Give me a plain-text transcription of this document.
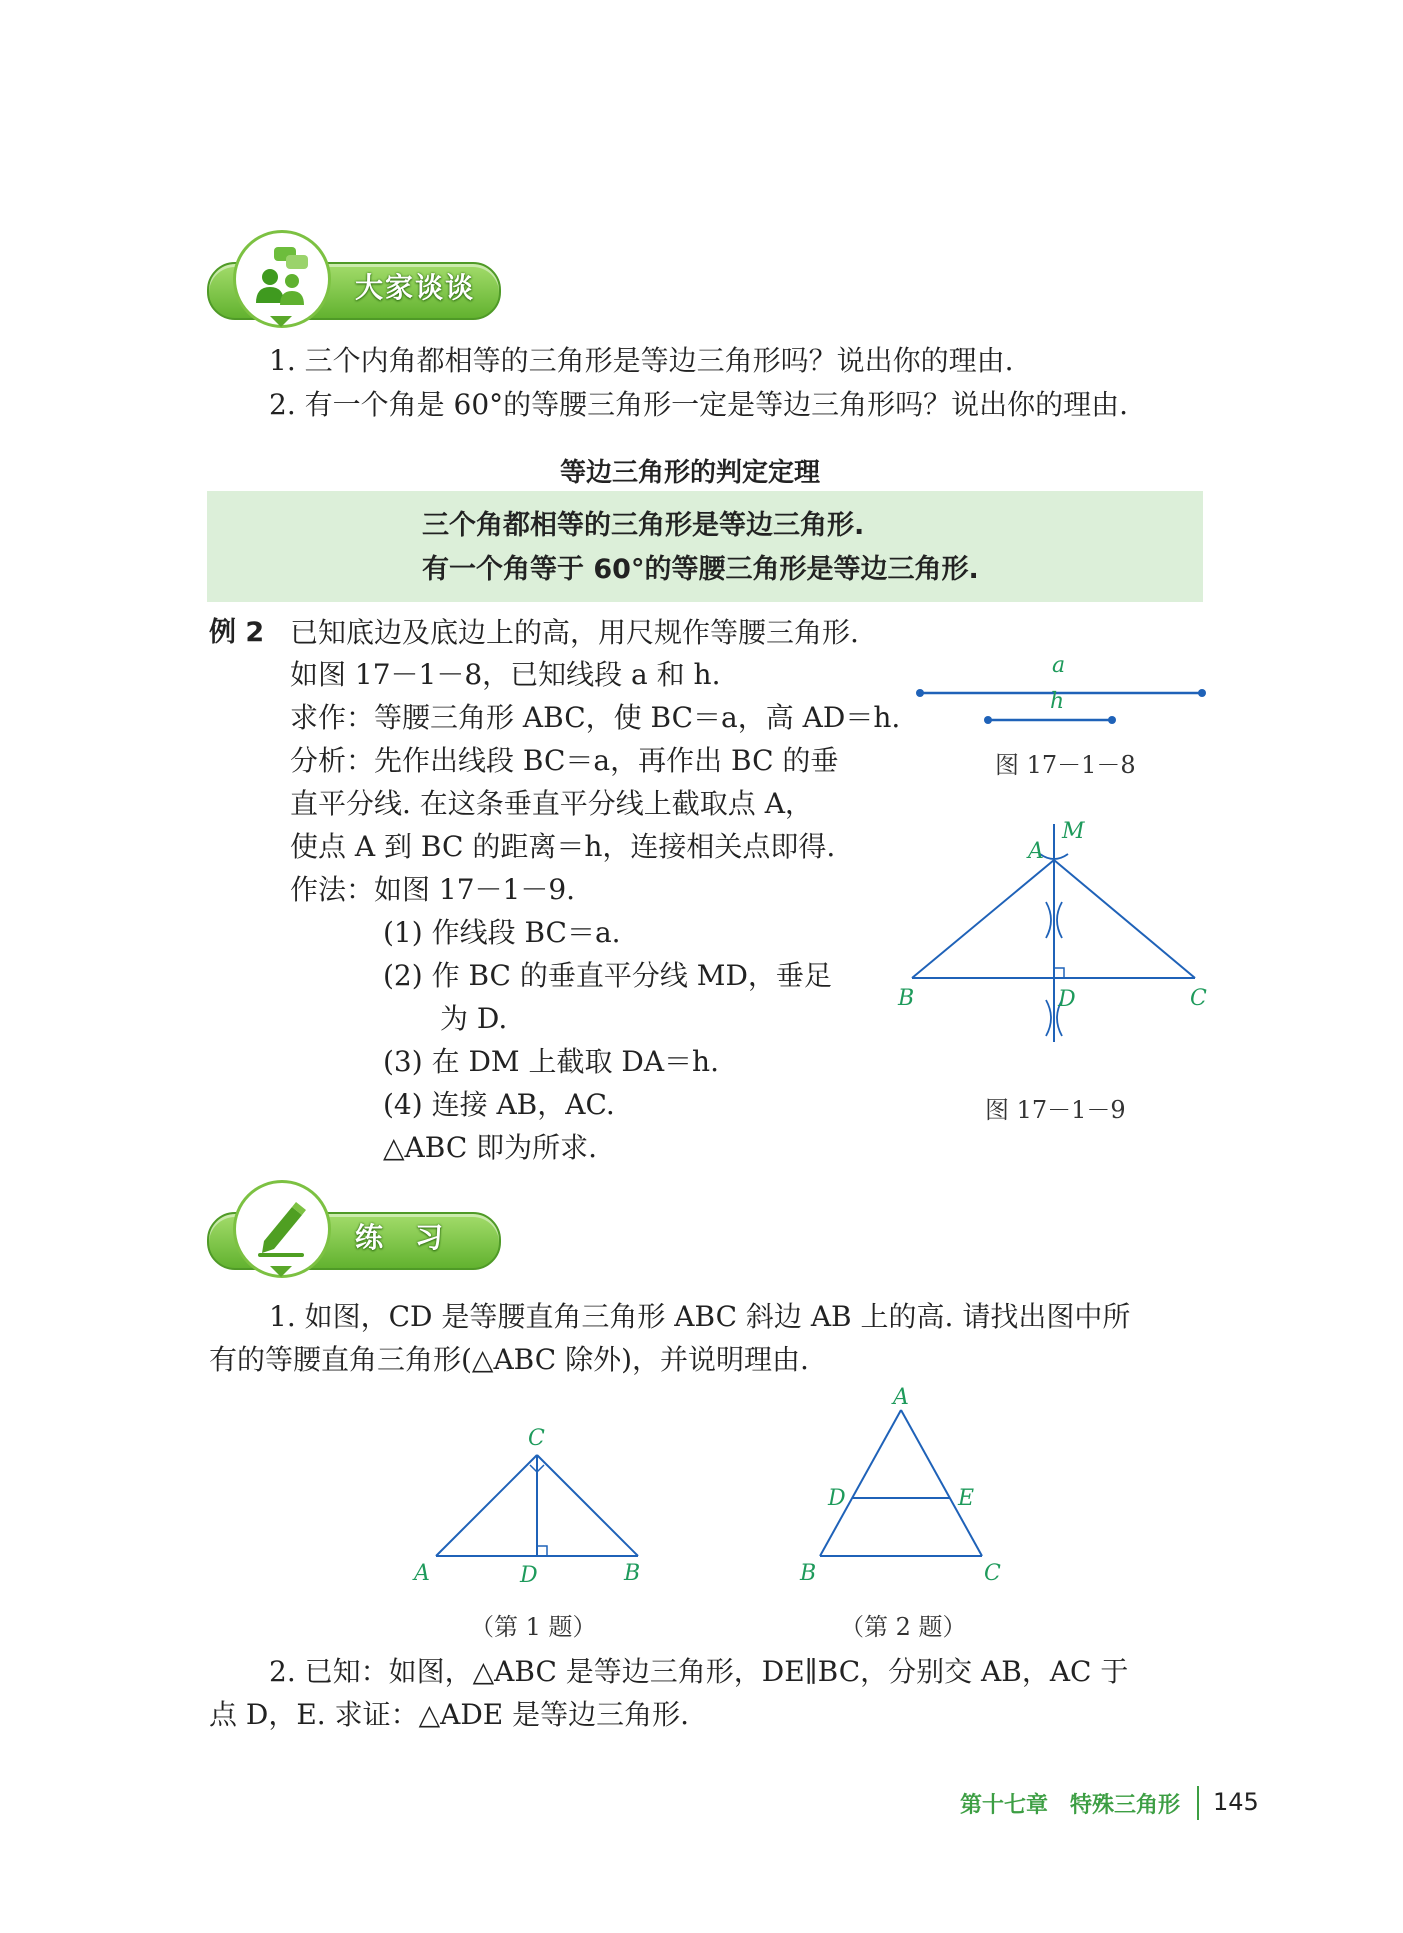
大家谈谈
1. 三个内角都相等的三角形是等边三角形吗？说出你的理由.
2. 有一个角是 60°的等腰三角形一定是等边三角形吗？说出你的理由.
等边三角形的判定定理
三个角都相等的三角形是等边三角形.
有一个角等于 60°的等腰三角形是等边三角形.
例 2 已知底边及底边上的高，用尺规作等腰三角形.
如图 17－1－8，已知线段 a 和 h.
求作：等腰三角形 ABC，使 BC＝a，高 AD＝h.
分析：先作出线段 BC＝a，再作出 BC 的垂
直平分线. 在这条垂直平分线上截取点 A，
使点 A 到 BC 的距离＝h，连接相关点即得.
作法：如图 17－1－9.
(1) 作线段 BC＝a.
(2) 作 BC 的垂直平分线 MD，垂足
为 D.
(3) 在 DM 上截取 DA＝h.
(4) 连接 AB，AC.
△ABC 即为所求.
a
h
图 17－1－8
A
M
B	D	C
图 17－1－9
练　习
1. 如图，CD 是等腰直角三角形 ABC 斜边 AB 上的高. 请找出图中所
有的等腰直角三角形(△ABC 除外)，并说明理由.
C
A	D	B
（第 1 题）
A
D	E
B	C
（第 2 题）
2. 已知：如图，△ABC 是等边三角形，DE∥BC，分别交 AB，AC 于
点 D，E. 求证：△ADE 是等边三角形.
第十七章　特殊三角形 145
